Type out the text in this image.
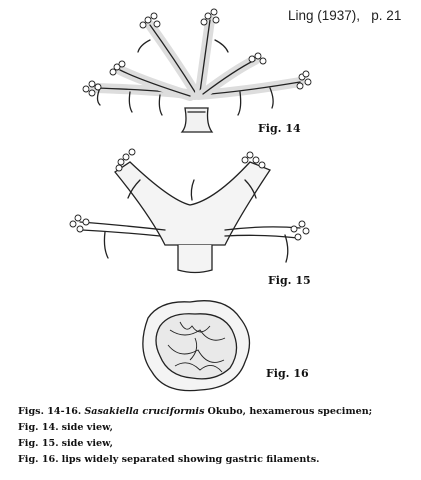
Ling (1937),   p. 21
Fig. 14
Fig. 15
Fig. 16
Figs. 14-16. Sasakiella cruciformis Okubo, hexamerous specimen;
Fig. 14. side view,
Fig. 15. side view,
Fig. 16. lips widely separated showing gastric filaments.
